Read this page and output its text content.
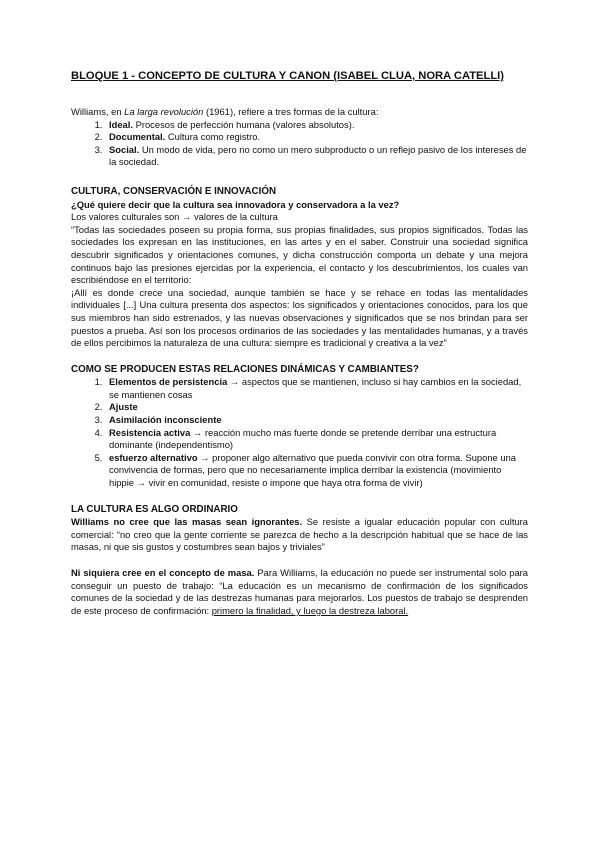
BLOQUE 1 - CONCEPTO DE CULTURA Y CANON (ISABEL CLUA, NORA CATELLI)

Williams, en La larga revolución (1961), refiere a tres formas de la cultura:

1. Ideal. Procesos de perfección humana (valores absolutos).
2. Documental. Cultura como registro.
3. Social. Un modo de vida, pero no como un mero subproducto o un reflejo pasivo de los intereses de la sociedad.
CULTURA, CONSERVACIÓN E INNOVACIÓN

¿Qué quiere decir que la cultura sea innovadora y conservadora a la vez?

Los valores culturales son → valores de la cultura

“Todas las sociedades poseen su propia forma, sus propias finalidades, sus propios significados. Todas las sociedades los expresan en las instituciones, en las artes y en el saber. Construir una sociedad significa descubrir significados y orientaciones comunes, y dicha construcción comporta un debate y una mejora continuos bajo las presiones ejercidas por la experiencia, el contacto y los descubrimientos, los cuales van escribiéndose en el territorio:

¡Allí es donde crece una sociedad, aunque también se hace y se rehace en todas las mentalidades individuales [...] Una cultura presenta dos aspectos: los significados y orientaciones conocidos, para los que sus miembros han sido estrenados, y las nuevas observaciones y significados que se nos brindan para ser puestos a prueba. Así son los procesos ordinarios de las sociedades y las mentalidades humanas, y a través de ellos percibimos la naturaleza de una cultura: siempre es tradicional y creativa a la vez”

COMO SE PRODUCEN ESTAS RELACIONES DINÁMICAS Y CAMBIANTES?
1. Elementos de persistencia → aspectos que se mantienen, incluso si hay cambios en la sociedad, se mantienen cosas
2. Ajuste
3. Asimilación inconsciente
4. Resistencia activa → reacción mucho más fuerte donde se pretende derribar una estructura dominante (independentismo)
5. esfuerzo alternativo → proponer algo alternativo que pueda convivir con otra forma. Supone una convivencia de formas, pero que no necesariamente implica derribar la existencia (movimiento hippie → vivir en comunidad, resiste o impone que haya otra forma de vivir)
LA CULTURA ES ALGO ORDINARIO

Williams no cree que las masas sean ignorantes. Se resiste a igualar educación popular con cultura comercial: “no creo que la gente corriente se parezca de hecho a la descripción habitual que se hace de las masas, ni que sis gustos y costumbres sean bajos y triviales”

Ni siquiera cree en el concepto de masa. Para Williams, la educación no puede ser instrumental solo para conseguir un puesto de trabajo: “La educación es un mecanismo de confirmación de los significados comunes de la sociedad y de las destrezas humanas para mejorarlos. Los puestos de trabajo se desprenden de este proceso de confirmación: primero la finalidad, y luego la destreza laboral.
